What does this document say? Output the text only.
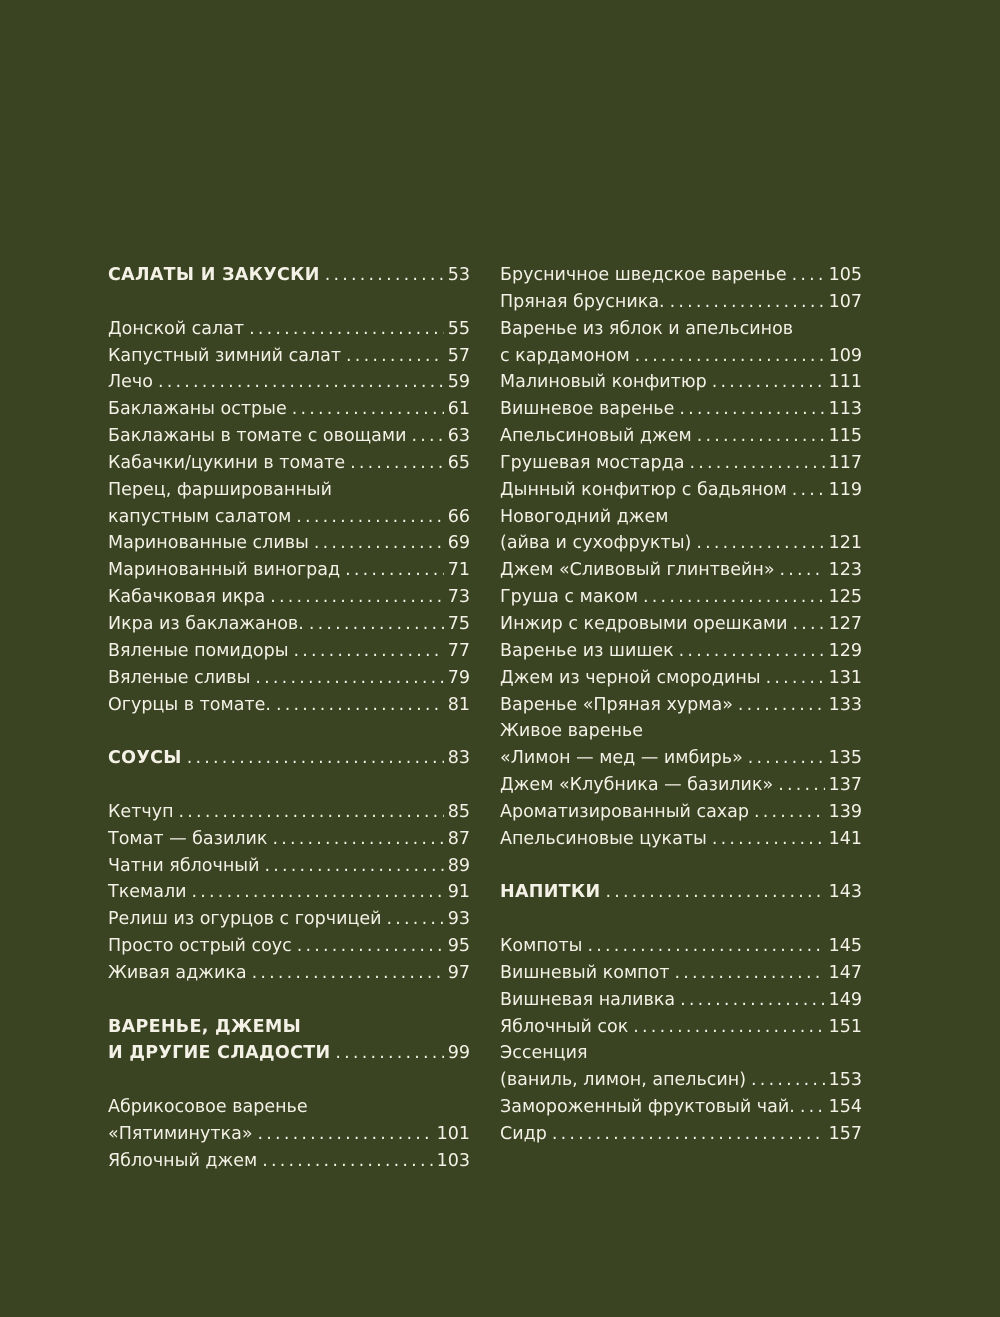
САЛАТЫ И ЗАКУСКИ .....	53
Донской салат .....	55
Капустный зимний салат .....	57
Лечо .....	59
Баклажаны острые .....	61
Баклажаны в томате с овощами ..... 63
Кабачки/цукини в томате .....	65
Перец, фаршированный
капустным салатом .....	66
Маринованные сливы .....	69
Маринованный виноград .....	71
Кабачковая икра .....	73
Икра из баклажанов. .....	75
Вяленые помидоры .....	77
Вяленые сливы .....	79
Огурцы в томате. .....	81
СОУСЫ .....	83
Кетчуп .....	85
Томат — базилик .....	87
Чатни яблочный .....	89
Ткемали .....	91
Релиш из огурцов с горчицей .....	93
Просто острый соус .....	95
Живая аджика .....	97
ВАРЕНЬЕ, ДЖЕМЫ
И ДРУГИЕ СЛАДОСТИ .....	99
Абрикосовое варенье
«Пятиминутка» .....	101
Яблочный джем .....	103
Брусничное шведское варенье ..... 105
Пряная брусника. .....	107
Варенье из яблок и апельсинов
с кардамоном .....	109
Малиновый конфитюр .....	111
Вишневое варенье .....	113
Апельсиновый джем .....	115
Грушевая мостарда .....	117
Дынный конфитюр с бадьяном ..... 119
Новогодний джем
(айва и сухофрукты) .....	121
Джем «Сливовый глинтвейн» .....	123
Груша с маком .....	125
Инжир с кедровыми орешками ..... 127
Варенье из шишек .....	129
Джем из черной смородины .....	131
Варенье «Пряная хурма» .....	133
Живое варенье
«Лимон — мед — имбирь» .....	135
Джем «Клубника — базилик» .....	137
Ароматизированный сахар .....	139
Апельсиновые цукаты .....	141
НАПИТКИ .....	143
Компоты .....	145
Вишневый компот .....	147
Вишневая наливка .....	149
Яблочный сок .....	151
Эссенция
(ваниль, лимон, апельсин) .....	153
Замороженный фруктовый чай. ..... 154
Сидр .....	157
